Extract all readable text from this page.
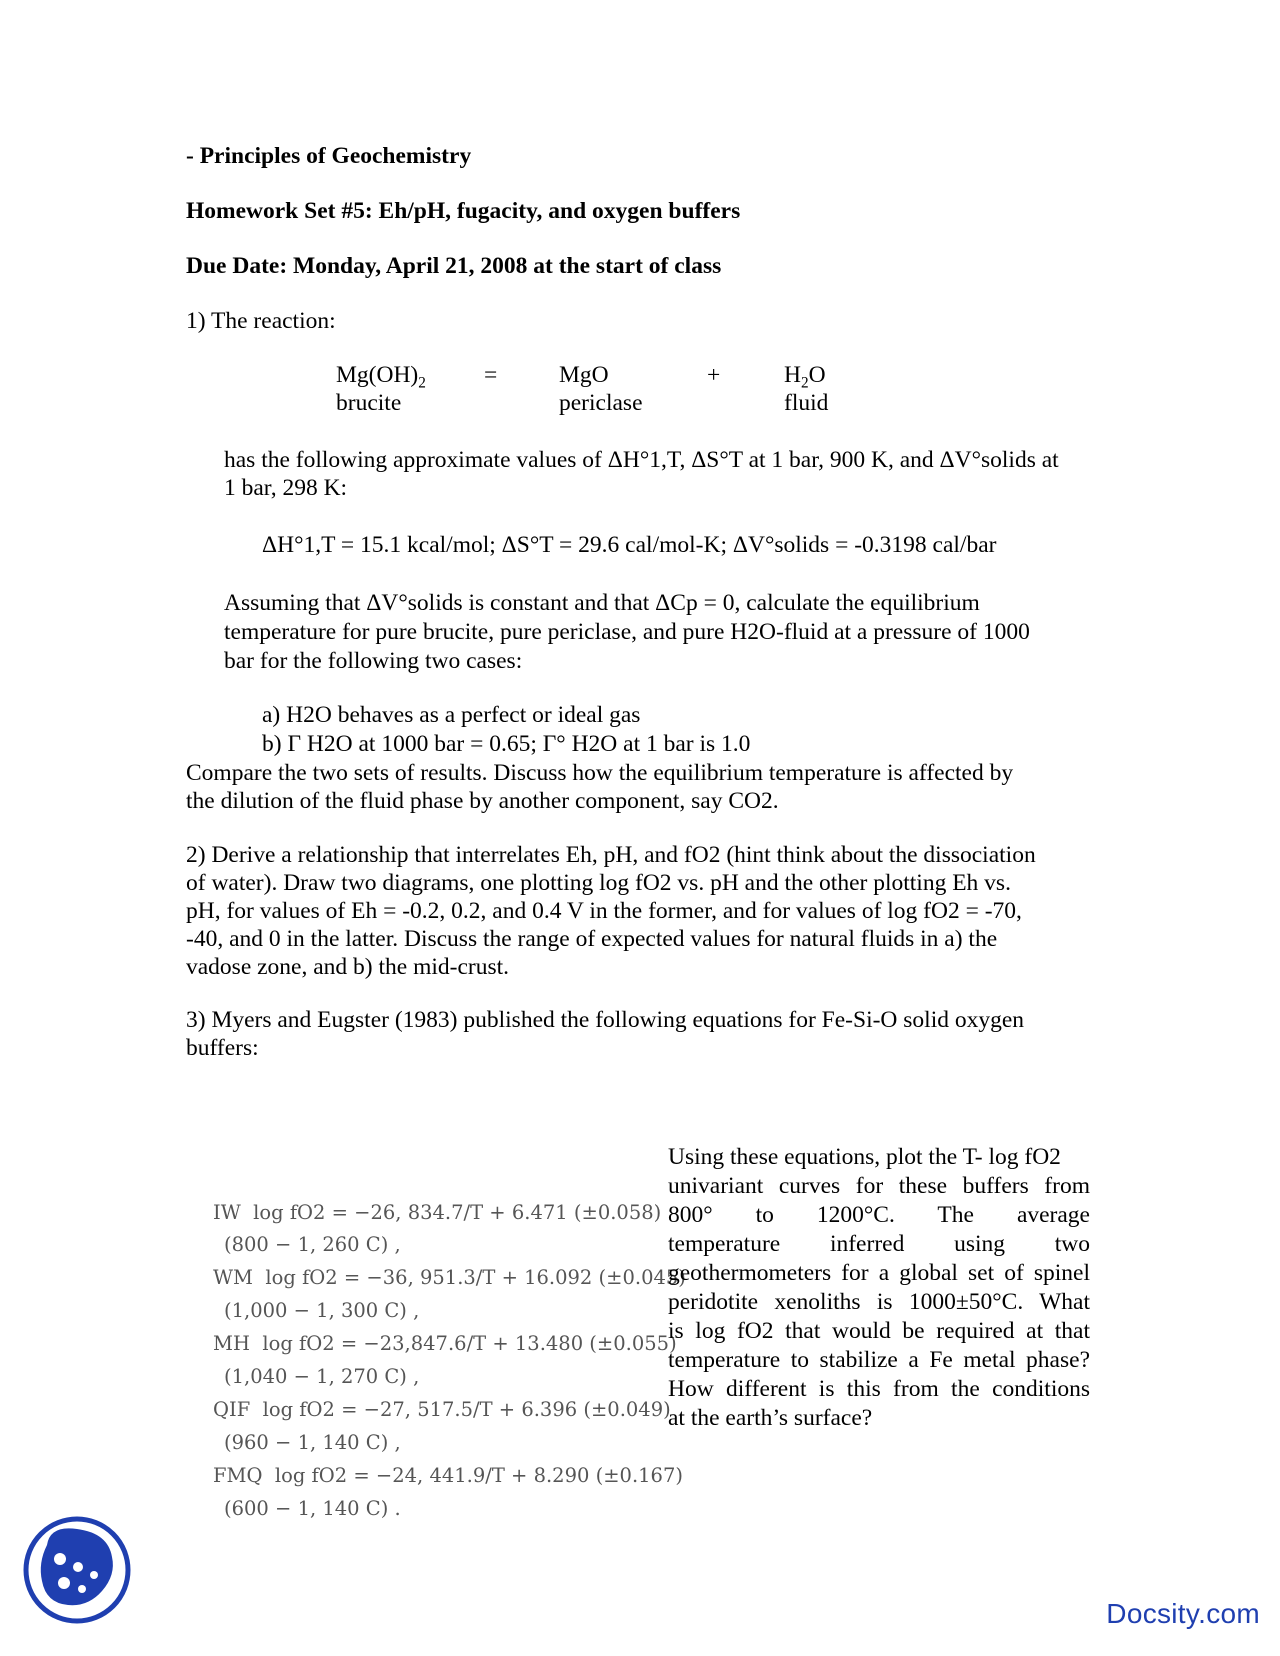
- Principles of Geochemistry
Homework Set #5: Eh/pH, fugacity, and oxygen buffers
Due Date: Monday, April 21, 2008 at the start of class
1) The reaction:
$Mg(OH)_2$
brucite
=	MgO
periclase
+	$H_2O$
fluid
has the following approximate values of ΔH°1,T, ΔS°T at 1 bar, 900 K, and ΔV°solids at
1 bar, 298 K:
ΔH°1,T = 15.1 kcal/mol; ΔS°T = 29.6 cal/mol-K; ΔV°solids = -0.3198 cal/bar
Assuming that ΔV°solids is constant and that ΔCp = 0, calculate the equilibrium
temperature for pure brucite, pure periclase, and pure H2O-fluid at a pressure of 1000
bar for the following two cases:
a) H2O behaves as a perfect or ideal gas
b) Γ H2O at 1000 bar = 0.65; Γ° H2O at 1 bar is 1.0
Compare the two sets of results. Discuss how the equilibrium temperature is affected by
the dilution of the fluid phase by another component, say CO2.
2) Derive a relationship that interrelates Eh, pH, and fO2 (hint think about the dissociation
of water). Draw two diagrams, one plotting log fO2 vs. pH and the other plotting Eh vs.
pH, for values of Eh = -0.2, 0.2, and 0.4 V in the former, and for values of log fO2 = -70,
-40, and 0 in the latter. Discuss the range of expected values for natural fluids in a) the
vadose zone, and b) the mid-crust.
3) Myers and Eugster (1983) published the following equations for Fe-Si-O solid oxygen
buffers:
IW log fO2 = −26, 834.7/T + 6.471 (±0.058)
(800 − 1, 260 C) ,
WM log fO2 = −36, 951.3/T + 16.092 (±0.045)
(1,000 − 1, 300 C) ,
MH log fO2 = −23,847.6/T + 13.480 (±0.055)
(1,040 − 1, 270 C) ,
QIF log fO2 = −27, 517.5/T + 6.396 (±0.049)
(960 − 1, 140 C) ,
FMQ log fO2 = −24, 441.9/T + 8.290 (±0.167)
(600 − 1, 140 C) .
Using these equations, plot the T- log fO2
univariant curves for these buffers from
800° to 1200°C. The average
temperature inferred using two
geothermometers for a global set of spinel
peridotite xenoliths is 1000±50°C. What
is log fO2 that would be required at that
temperature to stabilize a Fe metal phase?
How different is this from the conditions
at the earth’s surface?
Docsity.com
